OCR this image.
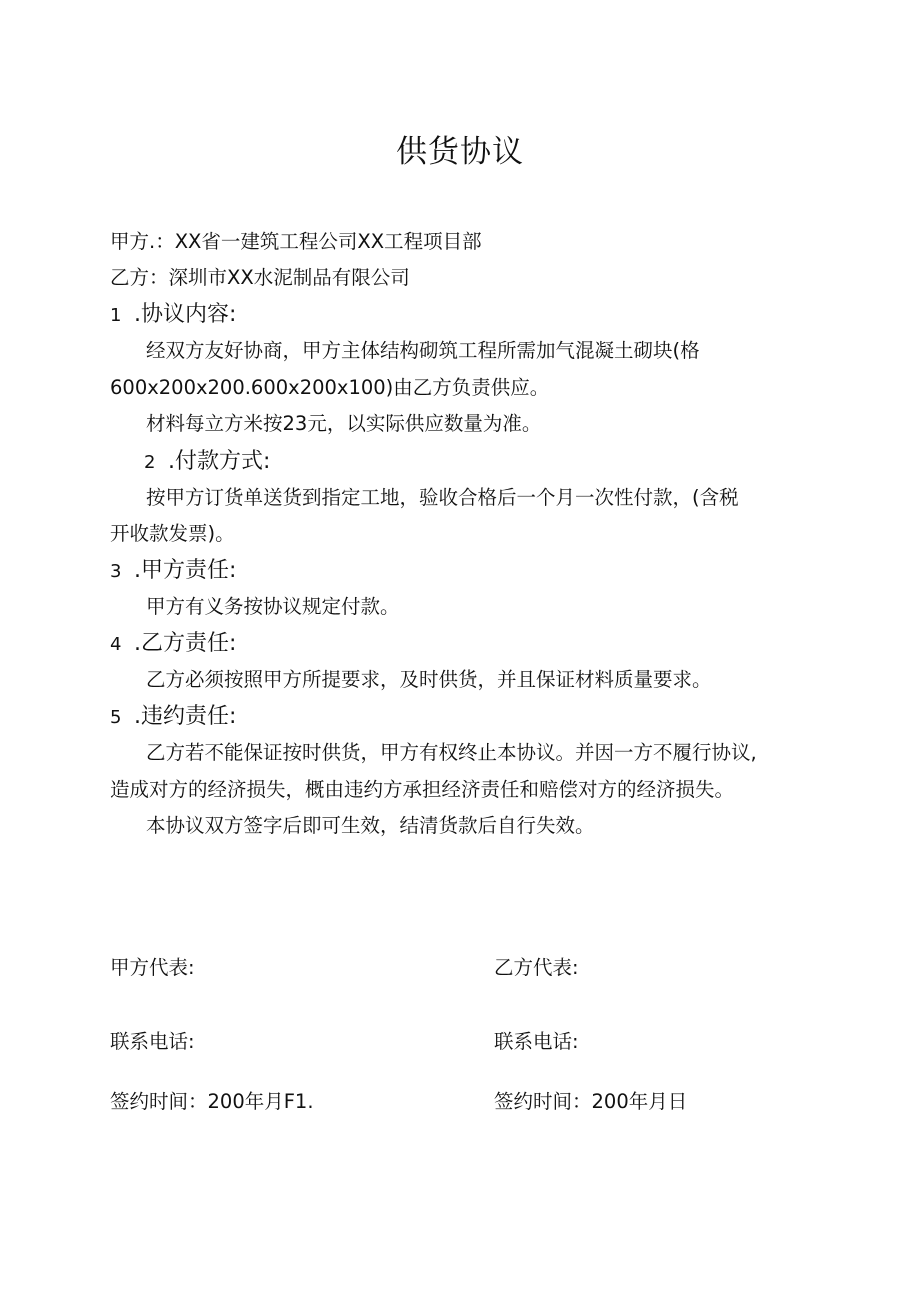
供货协议
甲方.：XX省一建筑工程公司XX工程项目部
乙方：深圳市XX水泥制品有限公司
1 .协议内容:
经双方友好协商，甲方主体结构砌筑工程所需加气混凝土砌块(格
600x200x200.600x200x100)由乙方负责供应。
材料每立方米按23元，以实际供应数量为准。
2 .付款方式:
按甲方订货单送货到指定工地，验收合格后一个月一次性付款，(含税
开收款发票)。
3 .甲方责任:
甲方有义务按协议规定付款。
4 .乙方责任:
乙方必须按照甲方所提要求，及时供货，并且保证材料质量要求。
5 .违约责任:
乙方若不能保证按时供货，甲方有权终止本协议。并因一方不履行协议,
造成对方的经济损失，概由违约方承担经济责任和赔偿对方的经济损失。
本协议双方签字后即可生效，结清货款后自行失效。
甲方代表:	乙方代表:
联系电话:	联系电话:
签约时间：200年月F1.	签约时间：200年月日
